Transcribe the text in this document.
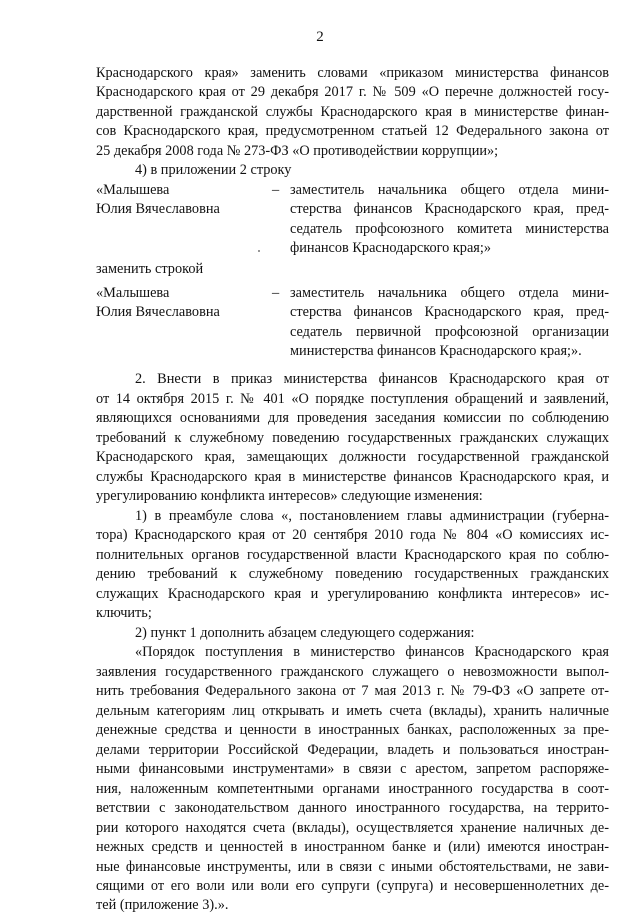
2
Краснодарского края» заменить словами «приказом министерства финансов
Краснодарского края от 29 декабря 2017 г. № 509 «О перечне должностей госу-
дарственной гражданской службы Краснодарского края в министерстве финан-
сов Краснодарского края, предусмотренном статьей 12 Федерального закона от
25 декабря 2008 года № 273-ФЗ «О противодействии коррупции»;
4) в приложении 2 строку
«Малышева
Юлия Вячеславовна
– заместитель начальника общего отдела мини-
стерства финансов Краснодарского края, пред-
седатель профсоюзного комитета министерства
финансов Краснодарского края;»
заменить строкой
«Малышева
Юлия Вячеславовна
– заместитель начальника общего отдела мини-
стерства финансов Краснодарского края, пред-
седатель первичной профсоюзной организации
министерства финансов Краснодарского края;».
2. Внести в приказ министерства финансов Краснодарского края от
от 14 октября 2015 г. № 401 «О порядке поступления обращений и заявлений,
являющихся основаниями для проведения заседания комиссии по соблюдению
требований к служебному поведению государственных гражданских служащих
Краснодарского края, замещающих должности государственной гражданской
службы Краснодарского края в министерстве финансов Краснодарского края, и
урегулированию конфликта интересов» следующие изменения:
1) в преамбуле слова «, постановлением главы администрации (губерна-
тора) Краснодарского края от 20 сентября 2010 года № 804 «О комиссиях ис-
полнительных органов государственной власти Краснодарского края по соблю-
дению требований к служебному поведению государственных гражданских
служащих Краснодарского края и урегулированию конфликта интересов» ис-
ключить;
2) пункт 1 дополнить абзацем следующего содержания:
«Порядок поступления в министерство финансов Краснодарского края
заявления государственного гражданского служащего о невозможности выпол-
нить требования Федерального закона от 7 мая 2013 г. № 79-ФЗ «О запрете от-
дельным категориям лиц открывать и иметь счета (вклады), хранить наличные
денежные средства и ценности в иностранных банках, расположенных за пре-
делами территории Российской Федерации, владеть и пользоваться иностран-
ными финансовыми инструментами» в связи с арестом, запретом распоряже-
ния, наложенным компетентными органами иностранного государства в соот-
ветствии с законодательством данного иностранного государства, на террито-
рии которого находятся счета (вклады), осуществляется хранение наличных де-
нежных средств и ценностей в иностранном банке и (или) имеются иностран-
ные финансовые инструменты, или в связи с иными обстоятельствами, не зави-
сящими от его воли или воли его супруги (супруга) и несовершеннолетних де-
тей (приложение 3).».
